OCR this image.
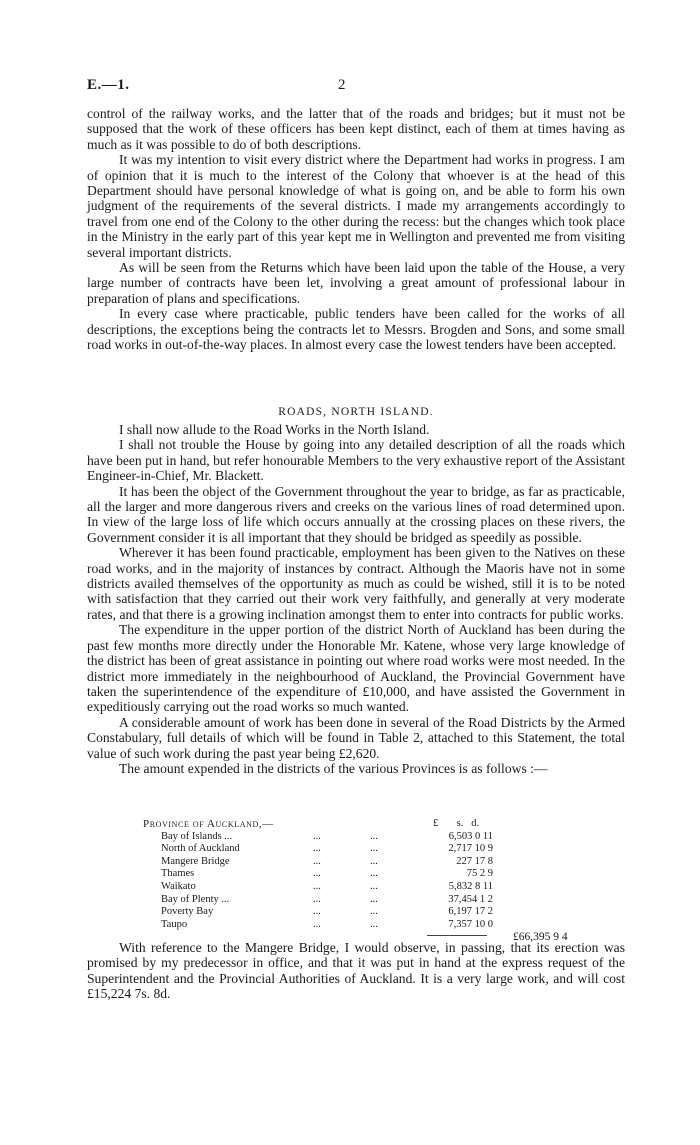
E.—1.	2

control of the railway works, and the latter that of the roads and bridges; but it must not be supposed that the work of these officers has been kept distinct, each of them at times having as much as it was possible to do of both descriptions.

It was my intention to visit every district where the Department had works in progress. I am of opinion that it is much to the interest of the Colony that whoever is at the head of this Department should have personal knowledge of what is going on, and be able to form his own judgment of the requirements of the several districts. I made my arrangements accordingly to travel from one end of the Colony to the other during the recess: but the changes which took place in the Ministry in the early part of this year kept me in Wellington and prevented me from visiting several important districts.

As will be seen from the Returns which have been laid upon the table of the House, a very large number of contracts have been let, involving a great amount of professional labour in preparation of plans and specifications.

In every case where practicable, public tenders have been called for the works of all descriptions, the exceptions being the contracts let to Messrs. Brogden and Sons, and some small road works in out-of-the-way places. In almost every case the lowest tenders have been accepted.

ROADS, NORTH ISLAND.

I shall now allude to the Road Works in the North Island.

I shall not trouble the House by going into any detailed description of all the roads which have been put in hand, but refer honourable Members to the very exhaustive report of the Assistant Engineer-in-Chief, Mr. Blackett.

It has been the object of the Government throughout the year to bridge, as far as practicable, all the larger and more dangerous rivers and creeks on the various lines of road determined upon. In view of the large loss of life which occurs annually at the crossing places on these rivers, the Government consider it is all important that they should be bridged as speedily as possible.

Wherever it has been found practicable, employment has been given to the Natives on these road works, and in the majority of instances by contract. Although the Maoris have not in some districts availed themselves of the opportunity as much as could be wished, still it is to be noted with satisfaction that they carried out their work very faithfully, and generally at very moderate rates, and that there is a growing inclination amongst them to enter into contracts for public works.

The expenditure in the upper portion of the district North of Auckland has been during the past few months more directly under the Honorable Mr. Katene, whose very large knowledge of the district has been of great assistance in pointing out where road works were most needed. In the district more immediately in the neighbourhood of Auckland, the Provincial Government have taken the superintendence of the expenditure of £10,000, and have assisted the Government in expeditiously carrying out the road works so much wanted.

A considerable amount of work has been done in several of the Road Districts by the Armed Constabulary, full details of which will be found in Table 2, attached to this Statement, the total value of such work during the past year being £2,620.

The amount expended in the districts of the various Provinces is as follows :—

Province of Auckland,—	£ s. d.
Bay of Islands ...	...	...	6,503 0 11
North of Auckland	...	...	2,717 10 9
Mangere Bridge	...	...	227 17 8
Thames	...	...	75 2 9
Waikato	...	...	5,832 8 11
Bay of Plenty ...	...	...	37,454 1 2
Poverty Bay	...	...	6,197 17 2
Taupo	...	...	7,357 10 0
£66,395 9 4

With reference to the Mangere Bridge, I would observe, in passing, that its erection was promised by my predecessor in office, and that it was put in hand at the express request of the Superintendent and the Provincial Authorities of Auckland. It is a very large work, and will cost £15,224 7s. 8d.
